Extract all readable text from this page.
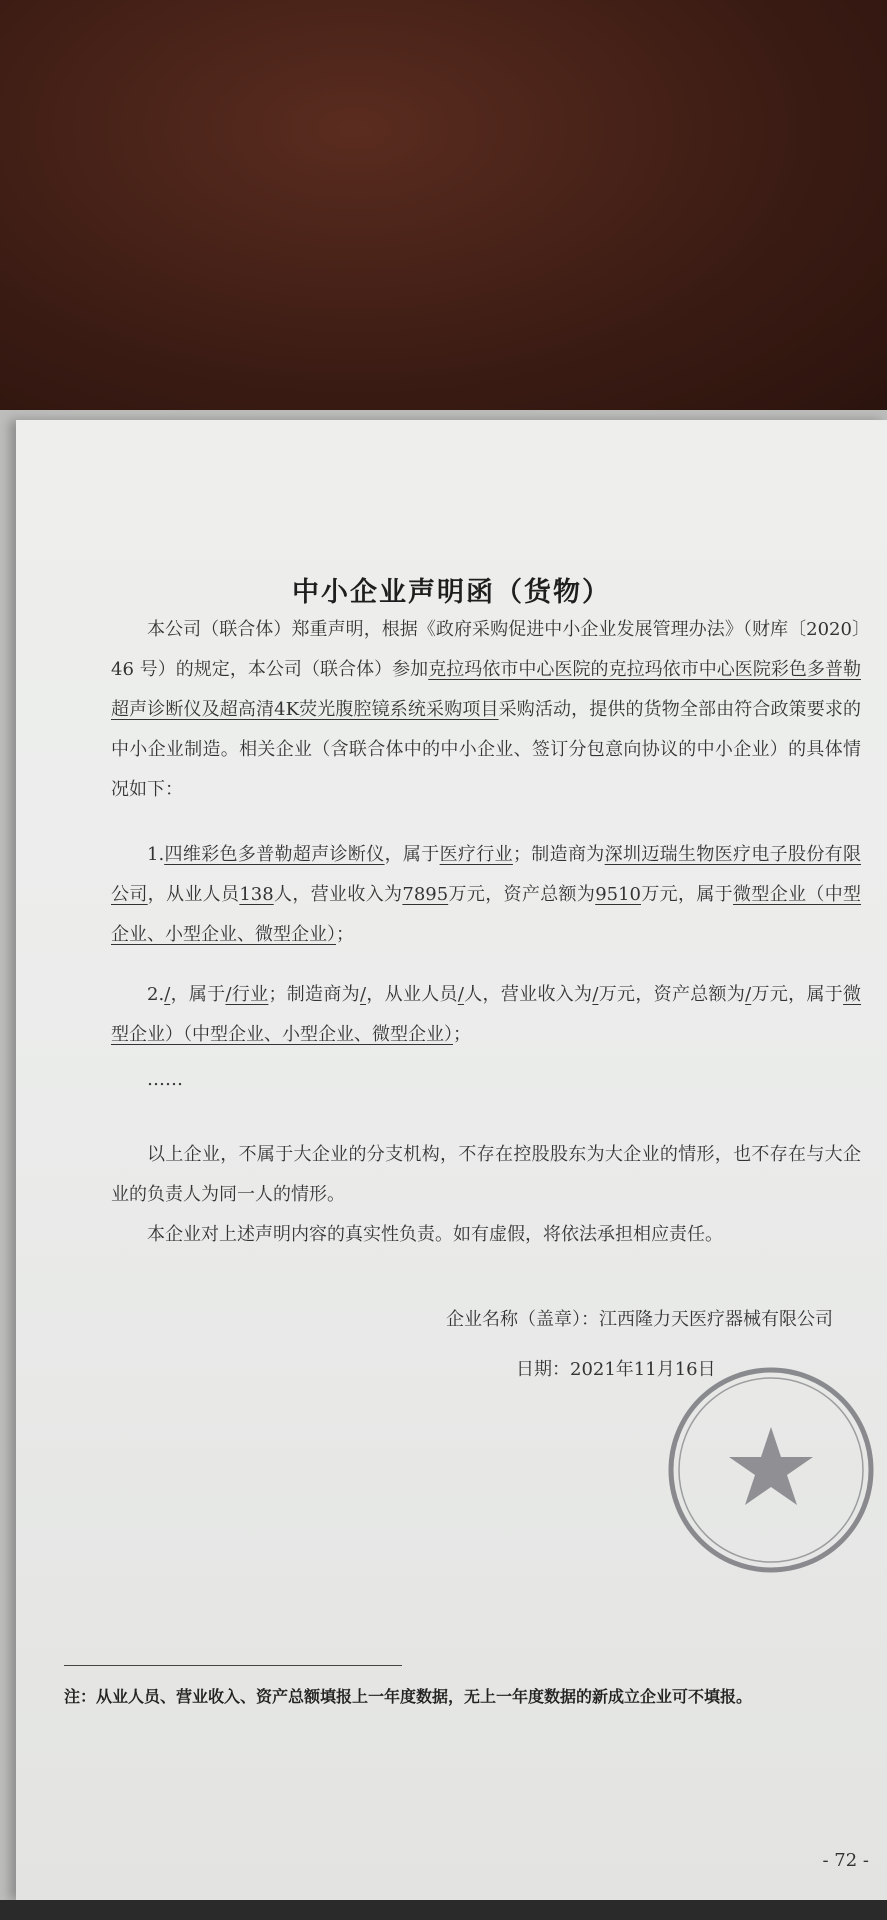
中小企业声明函（货物）
本公司（联合体）郑重声明，根据《政府采购促进中小企业发展管理办法》（财库〔2020〕46 号）的规定，本公司（联合体）参加克拉玛依市中心医院的克拉玛依市中心医院彩色多普勒超声诊断仪及超高清4K荧光腹腔镜系统采购项目采购活动，提供的货物全部由符合政策要求的中小企业制造。相关企业（含联合体中的中小企业、签订分包意向协议的中小企业）的具体情况如下：
1.四维彩色多普勒超声诊断仪，属于医疗行业；制造商为深圳迈瑞生物医疗电子股份有限公司，从业人员138人，营业收入为7895万元，资产总额为9510万元，属于微型企业（中型企业、小型企业、微型企业）；
2./，属于/行业；制造商为/，从业人员/人，营业收入为/万元，资产总额为/万元，属于微型企业）（中型企业、小型企业、微型企业）；
……
以上企业，不属于大企业的分支机构，不存在控股股东为大企业的情形，也不存在与大企业的负责人为同一人的情形。
本企业对上述声明内容的真实性负责。如有虚假，将依法承担相应责任。
企业名称（盖章）：江西隆力天医疗器械有限公司
日期：2021年11月16日
注：从业人员、营业收入、资产总额填报上一年度数据，无上一年度数据的新成立企业可不填报。
- 72 -
